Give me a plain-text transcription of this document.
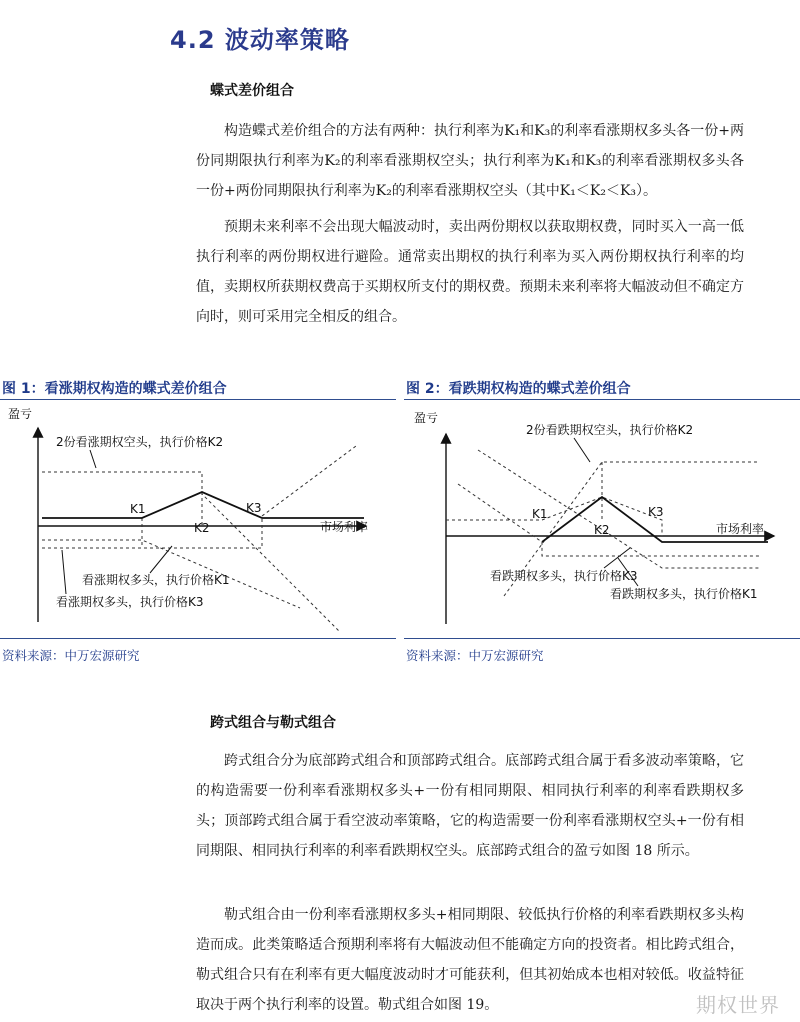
4.2 波动率策略
蝶式差价组合
构造蝶式差价组合的方法有两种：执行利率为K₁和K₃的利率看涨期权多头各一份+两份同期限执行利率为K₂的利率看涨期权空头；执行利率为K₁和K₃的利率看涨期权多头各一份+两份同期限执行利率为K₂的利率看涨期权空头（其中K₁＜K₂＜K₃）。
预期未来利率不会出现大幅波动时，卖出两份期权以获取期权费，同时买入一高一低执行利率的两份期权进行避险。通常卖出期权的执行利率为买入两份期权执行利率的均值，卖期权所获期权费高于买期权所支付的期权费。预期未来利率将大幅波动但不确定方向时，则可采用完全相反的组合。
图 1：看涨期权构造的蝶式差价组合
盈亏
市场利率
K1
K2
K3
2份看涨期权空头，执行价格K2
看涨期权多头，执行价格K1
看涨期权多头，执行价格K3
资料来源：中万宏源研究
图 2：看跌期权构造的蝶式差价组合
盈亏
市场利率
K1
K2
K3
2份看跌期权空头，执行价格K2
看跌期权多头，执行价格K3
看跌期权多头，执行价格K1
资料来源：中万宏源研究
跨式组合与勒式组合
跨式组合分为底部跨式组合和顶部跨式组合。底部跨式组合属于看多波动率策略，它的构造需要一份利率看涨期权多头+一份有相同期限、相同执行利率的利率看跌期权多头；顶部跨式组合属于看空波动率策略，它的构造需要一份利率看涨期权空头+一份有相同期限、相同执行利率的利率看跌期权空头。底部跨式组合的盈亏如图 18 所示。
勒式组合由一份利率看涨期权多头+相同期限、较低执行价格的利率看跌期权多头构造而成。此类策略适合预期利率将有大幅波动但不能确定方向的投资者。相比跨式组合，勒式组合只有在利率有更大幅度波动时才可能获利，但其初始成本也相对较低。收益特征取决于两个执行利率的设置。勒式组合如图 19。	期权世界
